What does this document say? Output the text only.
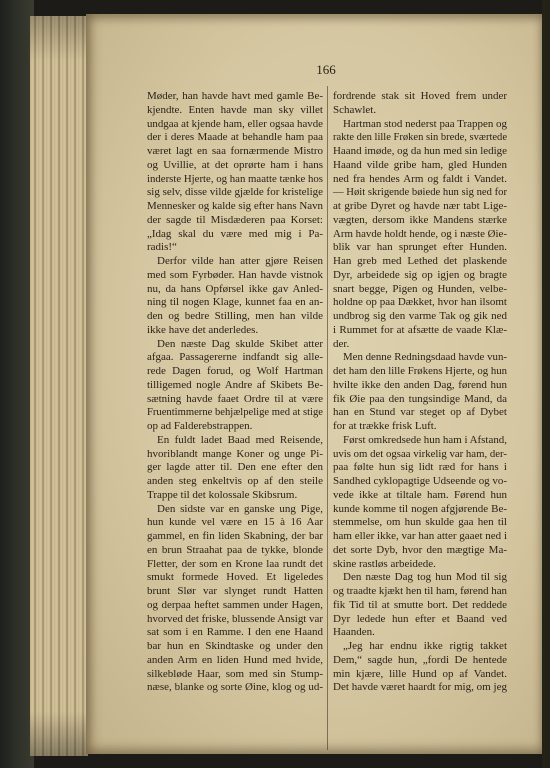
166
Møder, han havde havt med gamle Be-
kjendte. Enten havde man sky villet
undgaa at kjende ham, eller ogsaa havde
der i deres Maade at behandle ham paa
været lagt en saa fornærmende Mistro
og Uvillie, at det oprørte ham i hans
inderste Hjerte, og han maatte tænke hos
sig selv, disse vilde gjælde for kristelige
Mennesker og kalde sig efter hans Navn
der sagde til Misdæderen paa Korset:
„Idag skal du være med mig i Pa-
radis!“
Derfor vilde han atter gjøre Reisen
med som Fyrbøder. Han havde vistnok
nu, da hans Opførsel ikke gav Anled-
ning til nogen Klage, kunnet faa en an-
den og bedre Stilling, men han vilde
ikke have det anderledes.
Den næste Dag skulde Skibet atter
afgaa. Passagererne indfandt sig alle-
rede Dagen forud, og Wolf Hartman
tilligemed nogle Andre af Skibets Be-
sætning havde faaet Ordre til at være
Fruentimmerne behjælpelige med at stige
op ad Falderebstrappen.
En fuldt ladet Baad med Reisende,
hvoriblandt mange Koner og unge Pi-
ger lagde atter til. Den ene efter den
anden steg enkeltvis op af den steile
Trappe til det kolossale Skibsrum.
Den sidste var en ganske ung Pige,
hun kunde vel være en 15 à 16 Aar
gammel, en fin liden Skabning, der bar
en brun Straahat paa de tykke, blonde
Fletter, der som en Krone laa rundt det
smukt formede Hoved. Et ligeledes
brunt Slør var slynget rundt Hatten
og derpaa heftet sammen under Hagen,
hvorved det friske, blussende Ansigt var
sat som i en Ramme. I den ene Haand
bar hun en Skindtaske og under den
anden Arm en liden Hund med hvide,
silkebløde Haar, som med sin Stump-
næse, blanke og sorte Øine, klog og ud-
fordrende stak sit Hoved frem under
Schawlet.
Hartman stod nederst paa Trappen og
rakte den lille Frøken sin brede, sværtede
Haand imøde, og da hun med sin ledige
Haand vilde gribe ham, gled Hunden
ned fra hendes Arm og faldt i Vandet.
— Høit skrigende bøiede hun sig ned for
at gribe Dyret og havde nær tabt Lige-
vægten, dersom ikke Mandens stærke
Arm havde holdt hende, og i næste Øie-
blik var han sprunget efter Hunden.
Han greb med Lethed det plaskende
Dyr, arbeidede sig op igjen og bragte
snart begge, Pigen og Hunden, velbe-
holdne op paa Dækket, hvor han ilsomt
undbrog sig den varme Tak og gik ned
i Rummet for at afsætte de vaade Klæ-
der.
Men denne Redningsdaad havde vun-
det ham den lille Frøkens Hjerte, og hun
hvilte ikke den anden Dag, førend hun
fik Øie paa den tungsindige Mand, da
han en Stund var steget op af Dybet
for at trække frisk Luft.
Først omkredsede hun ham i Afstand,
uvis om det ogsaa virkelig var ham, der-
paa følte hun sig lidt ræd for hans i
Sandhed cyklopagtige Udseende og vo-
vede ikke at tiltale ham. Førend hun
kunde komme til nogen afgjørende Be-
stemmelse, om hun skulde gaa hen til
ham eller ikke, var han atter gaaet ned i
det sorte Dyb, hvor den mægtige Ma-
skine rastløs arbeidede.
Den næste Dag tog hun Mod til sig
og traadte kjækt hen til ham, førend han
fik Tid til at smutte bort. Det reddede
Dyr ledede hun efter et Baand ved
Haanden.
„Jeg har endnu ikke rigtig takket
Dem,“ sagde hun, „fordi De hentede
min kjære, lille Hund op af Vandet.
Det havde været haardt for mig, om jeg
